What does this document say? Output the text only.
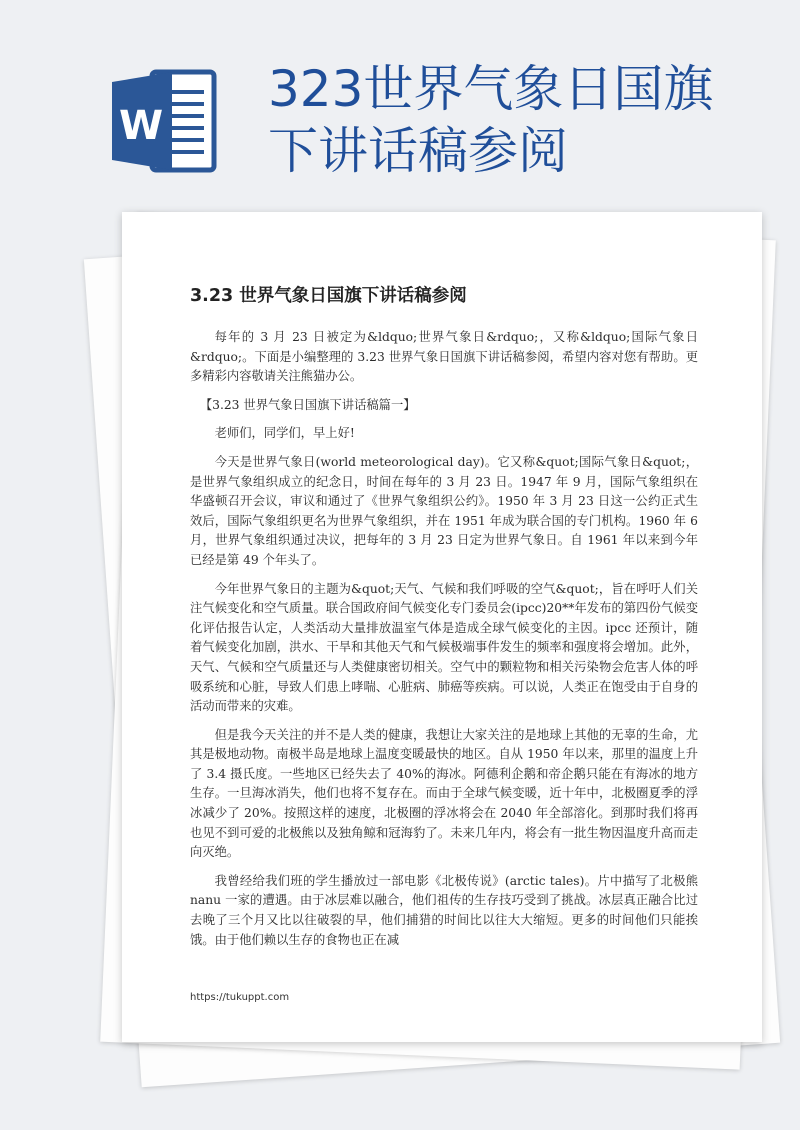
W
323世界气象日国旗
下讲话稿参阅
3.23 世界气象日国旗下讲话稿参阅

每年的 3 月 23 日被定为&ldquo;世界气象日&rdquo;，又称&ldquo;国际气象日&rdquo;。下面是小编整理的 3.23 世界气象日国旗下讲话稿参阅，希望内容对您有帮助。更多精彩内容敬请关注熊猫办公。

【3.23 世界气象日国旗下讲话稿篇一】

老师们，同学们，早上好!

今天是世界气象日(world meteorological day)。它又称&quot;国际气象日&quot;，是世界气象组织成立的纪念日，时间在每年的 3 月 23 日。1947 年 9 月，国际气象组织在华盛顿召开会议，审议和通过了《世界气象组织公约》。1950 年 3 月 23 日这一公约正式生效后，国际气象组织更名为世界气象组织，并在 1951 年成为联合国的专门机构。1960 年 6 月，世界气象组织通过决议，把每年的 3 月 23 日定为世界气象日。自 1961 年以来到今年已经是第 49 个年头了。

今年世界气象日的主题为&quot;天气、气候和我们呼吸的空气&quot;，旨在呼吁人们关注气候变化和空气质量。联合国政府间气候变化专门委员会(ipcc)20**年发布的第四份气候变化评估报告认定，人类活动大量排放温室气体是造成全球气候变化的主因。ipcc 还预计，随着气候变化加剧，洪水、干旱和其他天气和气候极端事件发生的频率和强度将会增加。此外，天气、气候和空气质量还与人类健康密切相关。空气中的颗粒物和相关污染物会危害人体的呼吸系统和心脏，导致人们患上哮喘、心脏病、肺癌等疾病。可以说，人类正在饱受由于自身的活动而带来的灾难。

但是我今天关注的并不是人类的健康，我想让大家关注的是地球上其他的无辜的生命，尤其是极地动物。南极半岛是地球上温度变暖最快的地区。自从 1950 年以来，那里的温度上升了 3.4 摄氏度。一些地区已经失去了 40%的海冰。阿德利企鹅和帝企鹅只能在有海冰的地方生存。一旦海冰消失，他们也将不复存在。而由于全球气候变暖，近十年中，北极圈夏季的浮冰减少了 20%。按照这样的速度，北极圈的浮冰将会在 2040 年全部溶化。到那时我们将再也见不到可爱的北极熊以及独角鲸和冠海豹了。未来几年内，将会有一批生物因温度升高而走向灭绝。

我曾经给我们班的学生播放过一部电影《北极传说》(arctic tales)。片中描写了北极熊 nanu 一家的遭遇。由于冰层难以融合，他们祖传的生存技巧受到了挑战。冰层真正融合比过去晚了三个月又比以往破裂的早，他们捕猎的时间比以往大大缩短。更多的时间他们只能挨饿。由于他们赖以生存的食物也正在减

https://tukuppt.com
